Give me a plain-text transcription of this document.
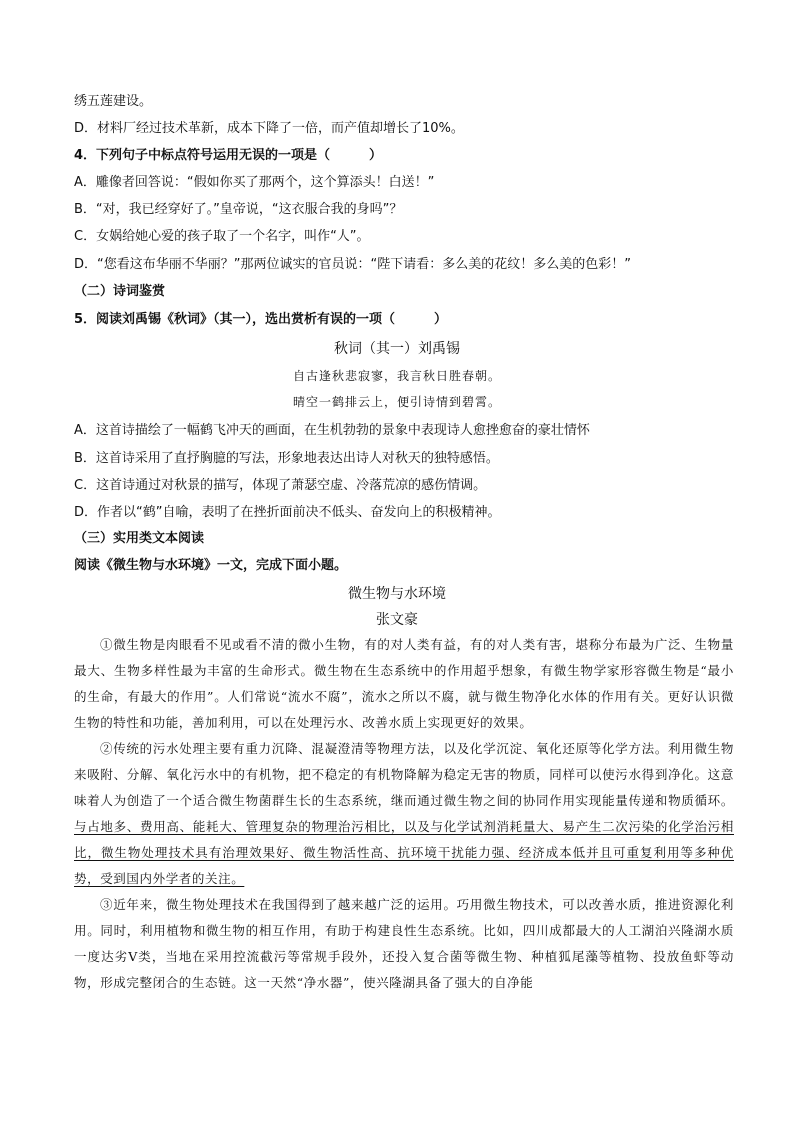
绣五莲建设。
D．材料厂经过技术革新，成本下降了一倍，而产值却增长了10%。
4．下列句子中标点符号运用无误的一项是（　　　）
A．雕像者回答说：“假如你买了那两个，这个算添头！白送！”
B．“对，我已经穿好了。”皇帝说，“这衣服合我的身吗”？
C．女娲给她心爱的孩子取了一个名字，叫作“人”。
D．“您看这布华丽不华丽？”那两位诚实的官员说：“陛下请看：多么美的花纹！多么美的色彩！”
（二）诗词鉴赏
5．阅读刘禹锡《秋词》（其一），选出赏析有误的一项（　　　）
秋词（其一）刘禹锡
自古逢秋悲寂寥，我言秋日胜春朝。
晴空一鹤排云上，便引诗情到碧霄。
A．这首诗描绘了一幅鹤飞冲天的画面，在生机勃勃的景象中表现诗人愈挫愈奋的豪壮情怀
B．这首诗采用了直抒胸臆的写法，形象地表达出诗人对秋天的独特感悟。
C．这首诗通过对秋景的描写，体现了萧瑟空虚、冷落荒凉的感伤情调。
D．作者以“鹤”自喻，表明了在挫折面前决不低头、奋发向上的积极精神。
（三）实用类文本阅读
阅读《微生物与水环境》一文，完成下面小题。
微生物与水环境
张文豪
①微生物是肉眼看不见或看不清的微小生物，有的对人类有益，有的对人类有害，堪称分布最为广泛、生物量最大、生物多样性最为丰富的生命形式。微生物在生态系统中的作用超乎想象，有微生物学家形容微生物是“最小的生命，有最大的作用”。人们常说“流水不腐”，流水之所以不腐，就与微生物净化水体的作用有关。更好认识微生物的特性和功能，善加利用，可以在处理污水、改善水质上实现更好的效果。
②传统的污水处理主要有重力沉降、混凝澄清等物理方法，以及化学沉淀、氧化还原等化学方法。利用微生物来吸附、分解、氧化污水中的有机物，把不稳定的有机物降解为稳定无害的物质，同样可以使污水得到净化。这意味着人为创造了一个适合微生物菌群生长的生态系统，继而通过微生物之间的协同作用实现能量传递和物质循环。与占地多、费用高、能耗大、管理复杂的物理治污相比，以及与化学试剂消耗量大、易产生二次污染的化学治污相比，微生物处理技术具有治理效果好、微生物活性高、抗环境干扰能力强、经济成本低并且可重复利用等多种优势，受到国内外学者的关注。
③近年来，微生物处理技术在我国得到了越来越广泛的运用。巧用微生物技术，可以改善水质，推进资源化利用。同时，利用植物和微生物的相互作用，有助于构建良性生态系统。比如，四川成都最大的人工湖泊兴隆湖水质一度达劣Ⅴ类，当地在采用控流截污等常规手段外，还投入复合菌等微生物、种植狐尾藻等植物、投放鱼虾等动物，形成完整闭合的生态链。这一天然“净水器”，使兴隆湖具备了强大的自净能
